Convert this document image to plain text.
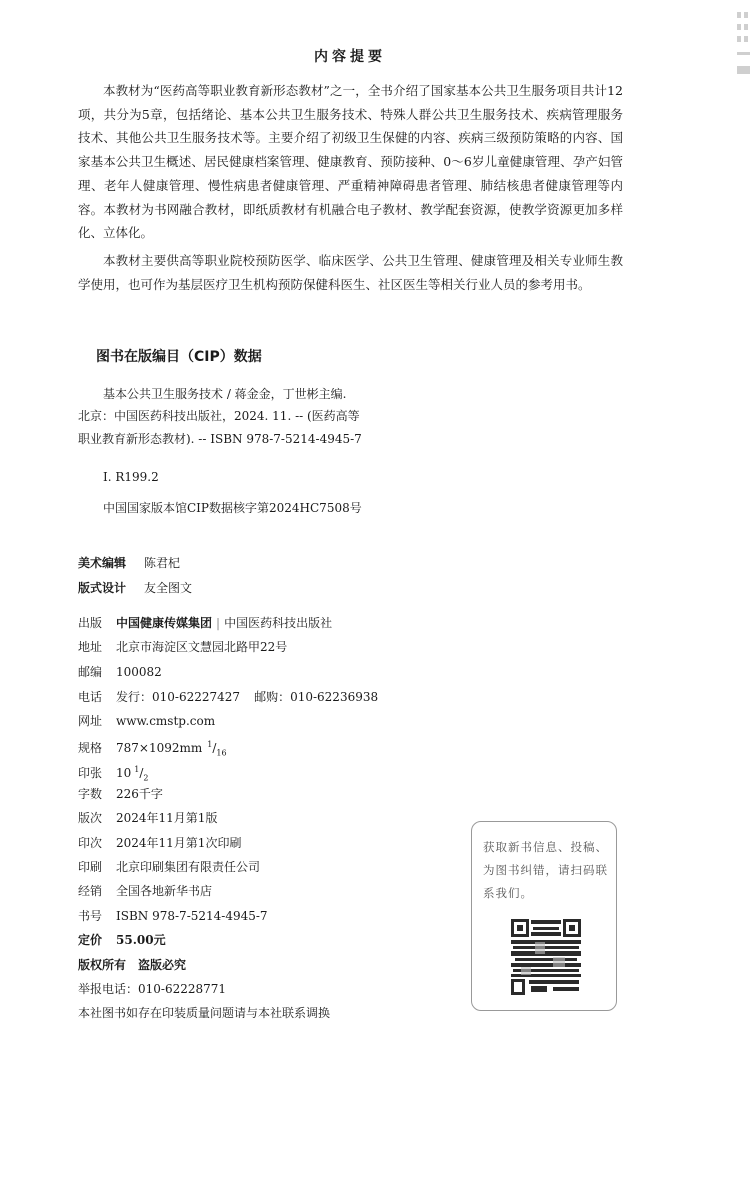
内容提要

本教材为“医药高等职业教育新形态教材”之一，全书介绍了国家基本公共卫生服务项目共计12项，共分为5章，包括绪论、基本公共卫生服务技术、特殊人群公共卫生服务技术、疾病管理服务技术、其他公共卫生服务技术等。主要介绍了初级卫生保健的内容、疾病三级预防策略的内容、国家基本公共卫生概述、居民健康档案管理、健康教育、预防接种、0～6岁儿童健康管理、孕产妇管理、老年人健康管理、慢性病患者健康管理、严重精神障碍患者管理、肺结核患者健康管理等内容。本教材为书网融合教材，即纸质教材有机融合电子教材、教学配套资源，使教学资源更加多样化、立体化。

本教材主要供高等职业院校预防医学、临床医学、公共卫生管理、健康管理及相关专业师生教学使用，也可作为基层医疗卫生机构预防保健科医生、社区医生等相关行业人员的参考用书。

图书在版编目（CIP）数据
基本公共卫生服务技术 / 蒋金金，丁世彬主编.
北京：中国医药科技出版社，2024. 11. -- (医药高等
职业教育新形态教材). -- ISBN 978-7-5214-4945-7
Ⅰ. R199.2
中国国家版本馆CIP数据核字第2024HC7508号
美术编辑 陈君杞
版式设计 友全图文
出版 中国健康传媒集团 | 中国医药科技出版社
地址 北京市海淀区文慧园北路甲22号
邮编 100082
电话 发行：010-62227427 邮购：010-62236938
网址 www.cmstp.com
规格 787×1092mm $^1/_{16}$
印张 10 $^1/_2$
字数 226千字
版次 2024年11月第1版
印次 2024年11月第1次印刷
印刷 北京印刷集团有限责任公司
经销 全国各地新华书店
书号 ISBN 978-7-5214-4945-7
定价 55.00元
版权所有　盗版必究
举报电话：010-62228771
本社图书如存在印装质量问题请与本社联系调换
获取新书信息、投稿、为图书纠错，请扫码联系我们。
